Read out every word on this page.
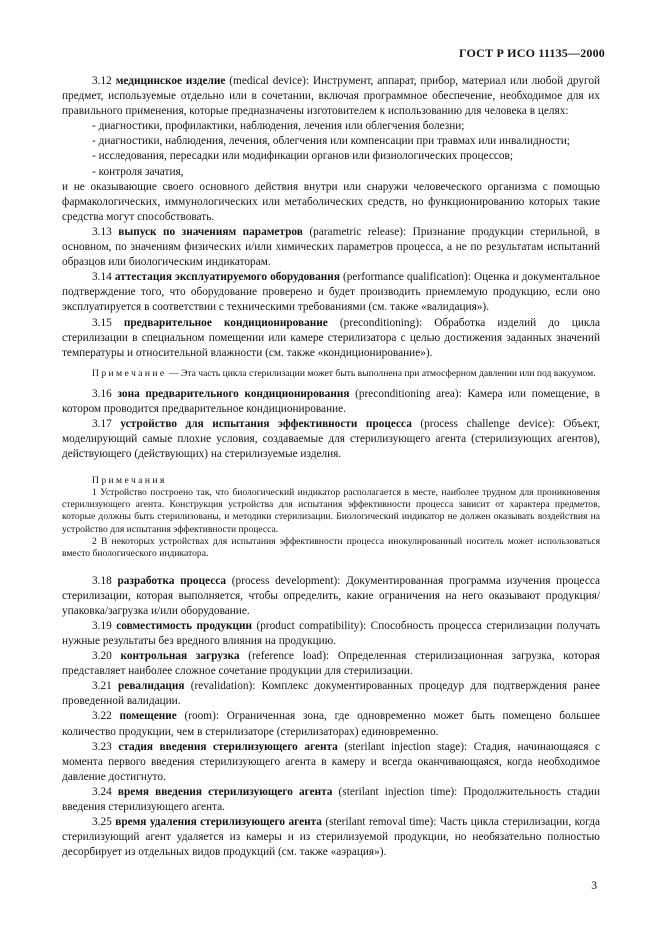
ГОСТ Р ИСО 11135—2000

3.12 медицинское изделие (medical device): Инструмент, аппарат, прибор, материал или любой другой предмет, используемые отдельно или в сочетании, включая программное обеспечение, необходимое для их правильного применения, которые предназначены изготовителем к использованию для человека в целях:

- диагностики, профилактики, наблюдения, лечения или облегчения болезни;

- диагностики, наблюдения, лечения, облегчения или компенсации при травмах или инвалидности;

- исследования, пересадки или модификации органов или физиологических процессов;

- контроля зачатия,

и не оказывающие своего основного действия внутри или снаружи человеческого организма с помощью фармакологических, иммунологических или метаболических средств, но функционированию которых такие средства могут способствовать.

3.13 выпуск по значениям параметров (parametric release): Признание продукции стерильной, в основном, по значениям физических и/или химических параметров процесса, а не по результатам испытаний образцов или биологическим индикаторам.

3.14 аттестация эксплуатируемого оборудования (performance qualification): Оценка и документальное подтверждение того, что оборудование проверено и будет производить приемлемую продукцию, если оно эксплуатируется в соответствии с техническими требованиями (см. также «валидация»).

3.15 предварительное кондиционирование (preconditioning): Обработка изделий до цикла стерилизации в специальном помещении или камере стерилизатора с целью достижения заданных значений температуры и относительной влажности (см. также «кондиционирование»).

Примечание — Эта часть цикла стерилизации может быть выполнена при атмосферном давлении или под вакуумом.

3.16 зона предварительного кондиционирования (preconditioning area): Камера или помещение, в котором проводится предварительное кондиционирование.

3.17 устройство для испытания эффективности процесса (process challenge device): Объект, моделирующий самые плохие условия, создаваемые для стерилизующего агента (стерилизующих агентов), действующего (действующих) на стерилизуемые изделия.

Примечания

1 Устройство построено так, что биологический индикатор располагается в месте, наиболее трудном для проникновения стерилизующего агента. Конструкция устройства для испытания эффективности процесса зависит от характера предметов, которые должны быть стерилизованы, и методики стерилизации. Биологический индикатор не должен оказывать воздействия на устройство для испытания эффективности процесса.

2 В некоторых устройствах для испытания эффективности процесса инокулированный носитель может использоваться вместо биологического индикатора.

3.18 разработка процесса (process development): Документированная программа изучения процесса стерилизации, которая выполняется, чтобы определить, какие ограничения на него оказывают продукция/упаковка/загрузка и/или оборудование.

3.19 совместимость продукции (product compatibility): Способность процесса стерилизации получать нужные результаты без вредного влияния на продукцию.

3.20 контрольная загрузка (reference load): Определенная стерилизационная загрузка, которая представляет наиболее сложное сочетание продукции для стерилизации.

3.21 ревалидация (revalidation): Комплекс документированных процедур для подтверждения ранее проведенной валидации.

3.22 помещение (room): Ограниченная зона, где одновременно может быть помещено большее количество продукции, чем в стерилизаторе (стерилизаторах) единовременно.

3.23 стадия введения стерилизующего агента (sterilant injection stage): Стадия, начинающаяся с момента первого введения стерилизующего агента в камеру и всегда оканчивающаяся, когда необходимое давление достигнуто.

3.24 время введения стерилизующего агента (sterilant injection time): Продолжительность стадии введения стерилизующего агента.

3.25 время удаления стерилизующего агента (sterilant removal time): Часть цикла стерилизации, когда стерилизующий агент удаляется из камеры и из стерилизуемой продукции, но необязательно полностью десорбирует из отдельных видов продукций (см. также «аэрация»).

3
